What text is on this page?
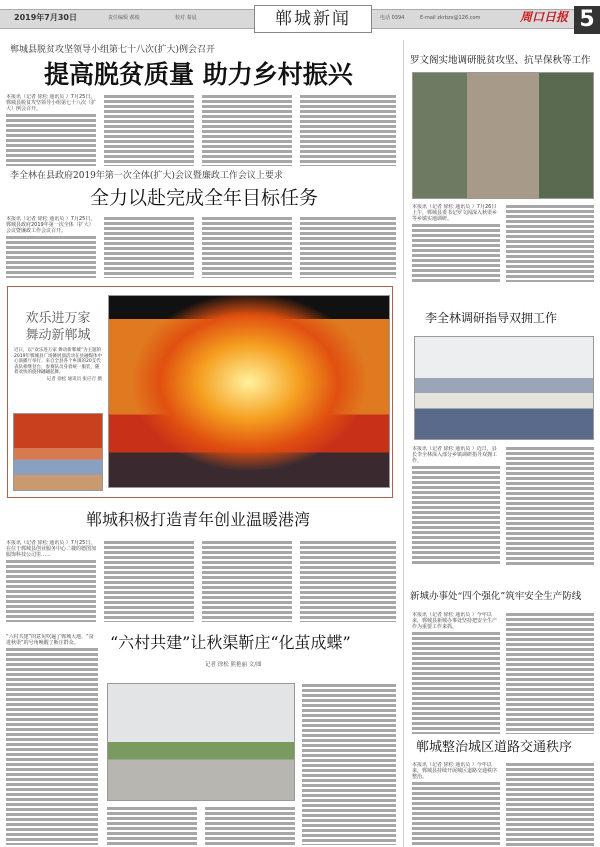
2019年7月30日	责任编辑 郝俊	校对 秦晨	郸城新闻	电话 0394	E-mail zkrbzx@126.com	周口日报 5
郸城县脱贫攻坚领导小组第七十八次(扩大)例会召开
提高脱贫质量 助力乡村振兴
本报讯（记者 徐松 通讯员 ）7月25日，郸城县脱贫攻坚领导小组第七十八次（扩大）例会召开。
李全林在县政府2019年第一次全体(扩大)会议暨廉政工作会议上要求
全力以赴完成全年目标任务
本报讯（记者 徐松 通讯员 ）7月25日，郸城县政府2019年第一次全体（扩大）会议暨廉政工作会议召开。
欢乐进万家 舞动新郸城
近日，以“欢乐进万家 舞动新郸城”为主题的2019年郸城县广场舞展演活动在县融媒体中心演播厅举行。来自全县各个乡镇的20支代表队相继登台，参赛队员身着统一服装，随着欢快的旋律翩翩起舞。
记者 徐松 通讯员 张应召 摄
郸城积极打造青年创业温暖港湾
本报讯（记者 徐松 通讯员 ）7月25日，在位于郸城县创业服务中心二楼的德图加服饰科技公司里……
“六村共建”让秋渠靳庄“化茧成蝶”
记者 徐松 熊艳丽 文/图
“六村共建”的意见吹遍了郸城大地，“奋进秋渠”的号角唤醒了靳庄群众。
罗文阁实地调研脱贫攻坚、抗旱保秋等工作
本报讯（记者 徐松 通讯员 ）7月26日上午，郸城县委书记罗文阁深入秋渠乡等乡镇实地调研。
李全林调研指导双拥工作
本报讯（记者 徐松 通讯员 ）近日，县长李全林深入部分乡镇调研指导双拥工作。
新城办事处“四个强化”筑牢安全生产防线
本报讯（记者 徐松 通讯员 ）今年以来，郸城县新城办事处坚持把安全生产作为重要工作来抓。
郸城整治城区道路交通秩序
本报讯（记者 徐松 通讯员 ）今年以来，郸城县持续开展城区道路交通秩序整治。
